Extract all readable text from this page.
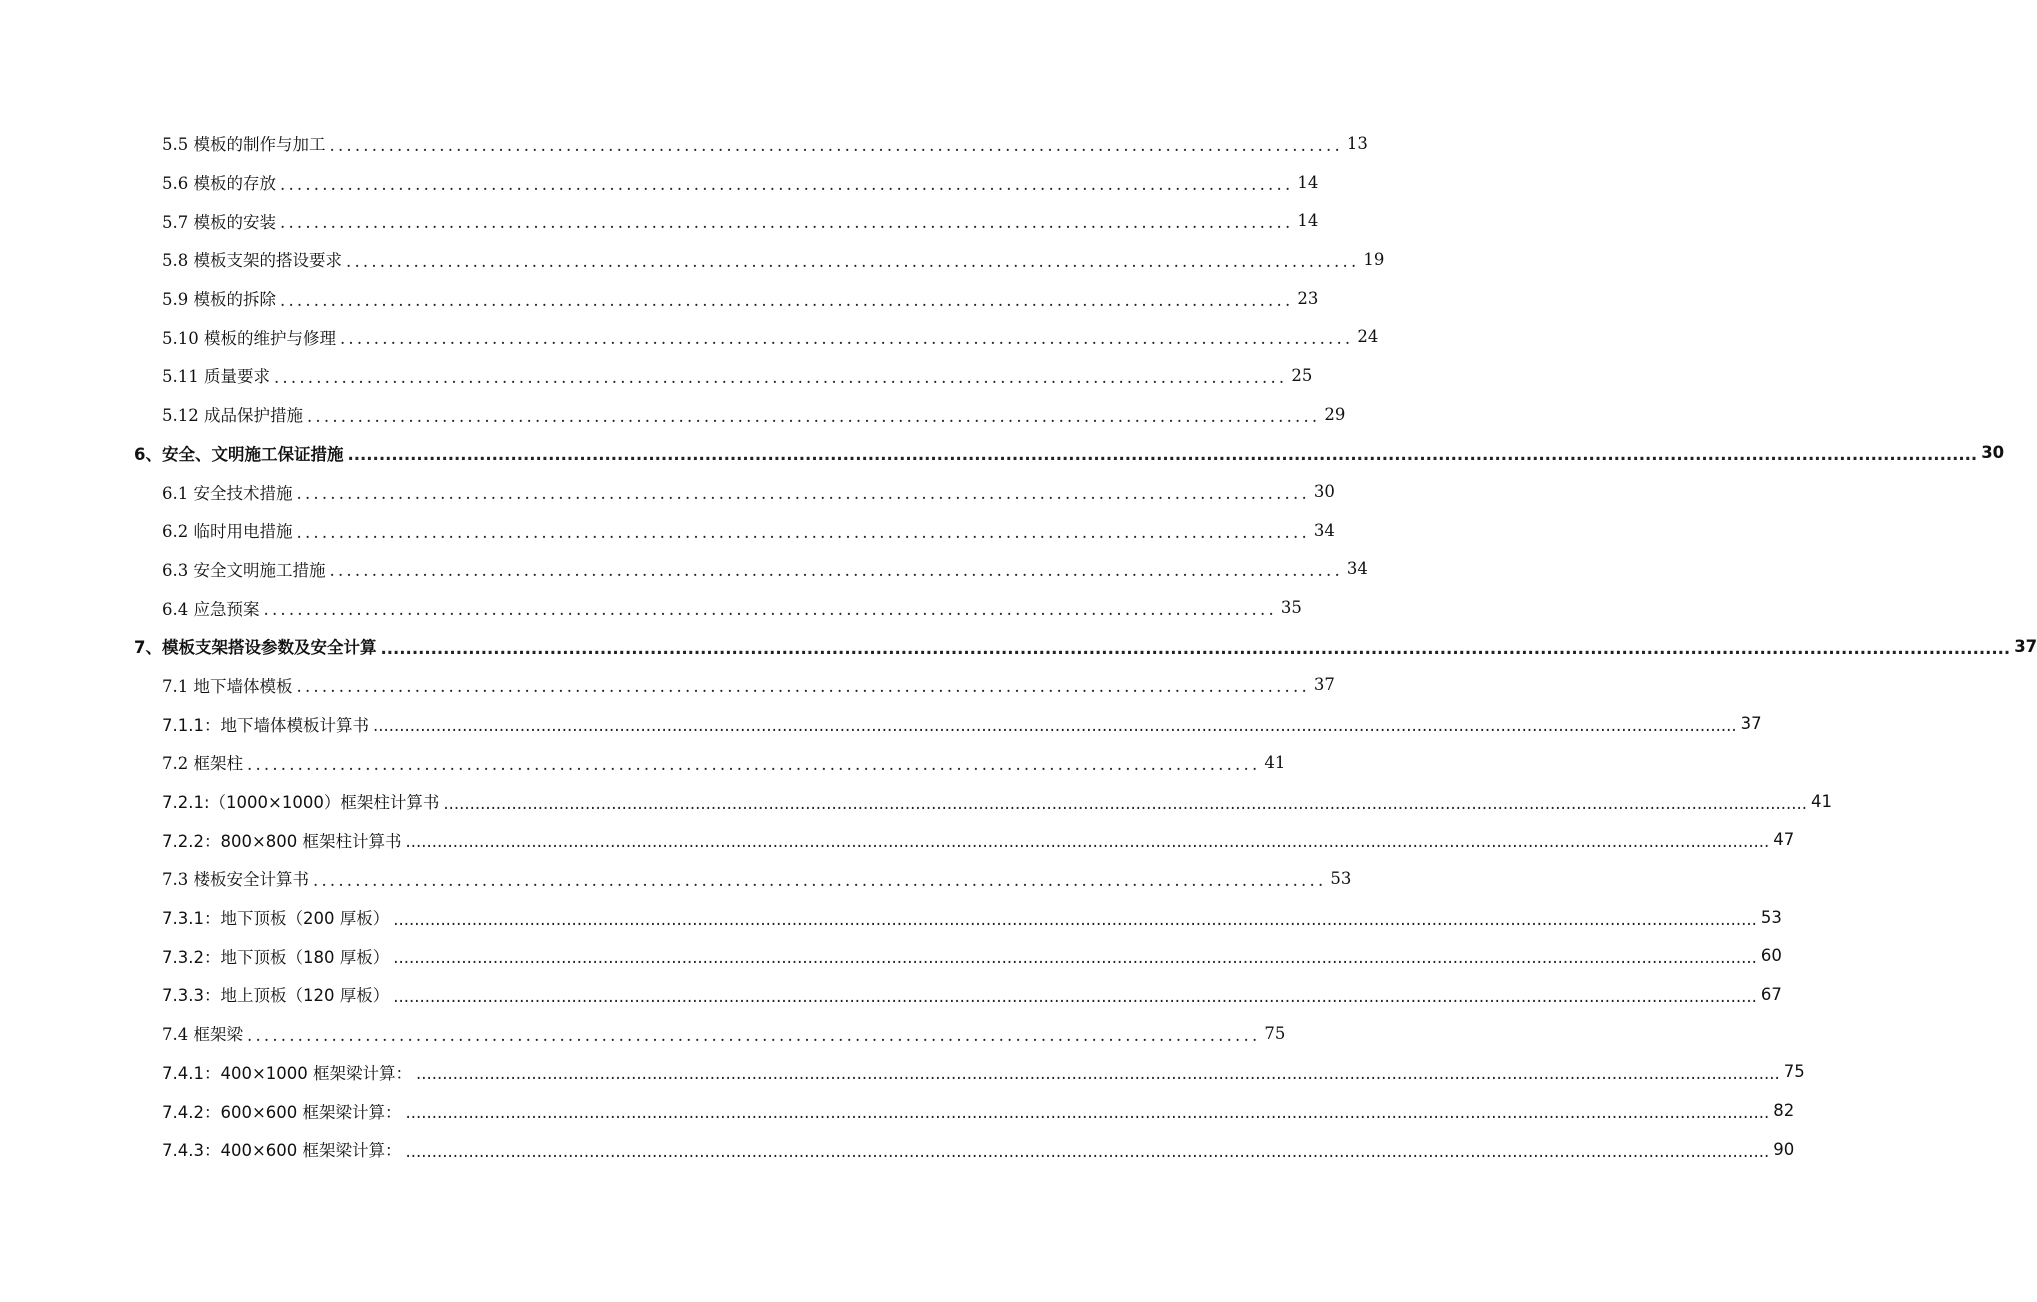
5.5 模板的制作与加工 ........................................................................................................................ 13
5.6 模板的存放 ........................................................................................................................ 14
5.7 模板的安装 ........................................................................................................................ 14
5.8 模板支架的搭设要求 ........................................................................................................................ 19
5.9 模板的拆除 ........................................................................................................................ 23
5.10 模板的维护与修理 ........................................................................................................................ 24
5.11 质量要求 ........................................................................................................................ 25
5.12 成品保护措施 ........................................................................................................................ 29
6、安全、文明施工保证措施 .................................................................................................................................................................................................................................................................... 30
6.1 安全技术措施 ........................................................................................................................ 30
6.2 临时用电措施 ........................................................................................................................ 34
6.3 安全文明施工措施 ........................................................................................................................ 34
6.4 应急预案 ........................................................................................................................ 35
7、模板支架搭设参数及安全计算 .................................................................................................................................................................................................................................................................... 37
7.1 地下墙体模板 ........................................................................................................................ 37
7.1.1：地下墙体模板计算书 .................................................................................................................................................................................................................................................................... 37
7.2 框架柱 ........................................................................................................................ 41
7.2.1:（1000×1000）框架柱计算书 .................................................................................................................................................................................................................................................................... 41
7.2.2：800×800 框架柱计算书 .................................................................................................................................................................................................................................................................... 47
7.3 楼板安全计算书 ........................................................................................................................ 53
7.3.1：地下顶板（200 厚板） .................................................................................................................................................................................................................................................................... 53
7.3.2：地下顶板（180 厚板） .................................................................................................................................................................................................................................................................... 60
7.3.3：地上顶板（120 厚板） .................................................................................................................................................................................................................................................................... 67
7.4 框架梁 ........................................................................................................................ 75
7.4.1：400×1000 框架梁计算： .................................................................................................................................................................................................................................................................... 75
7.4.2：600×600 框架梁计算： .................................................................................................................................................................................................................................................................... 82
7.4.3：400×600 框架梁计算： .................................................................................................................................................................................................................................................................... 90
